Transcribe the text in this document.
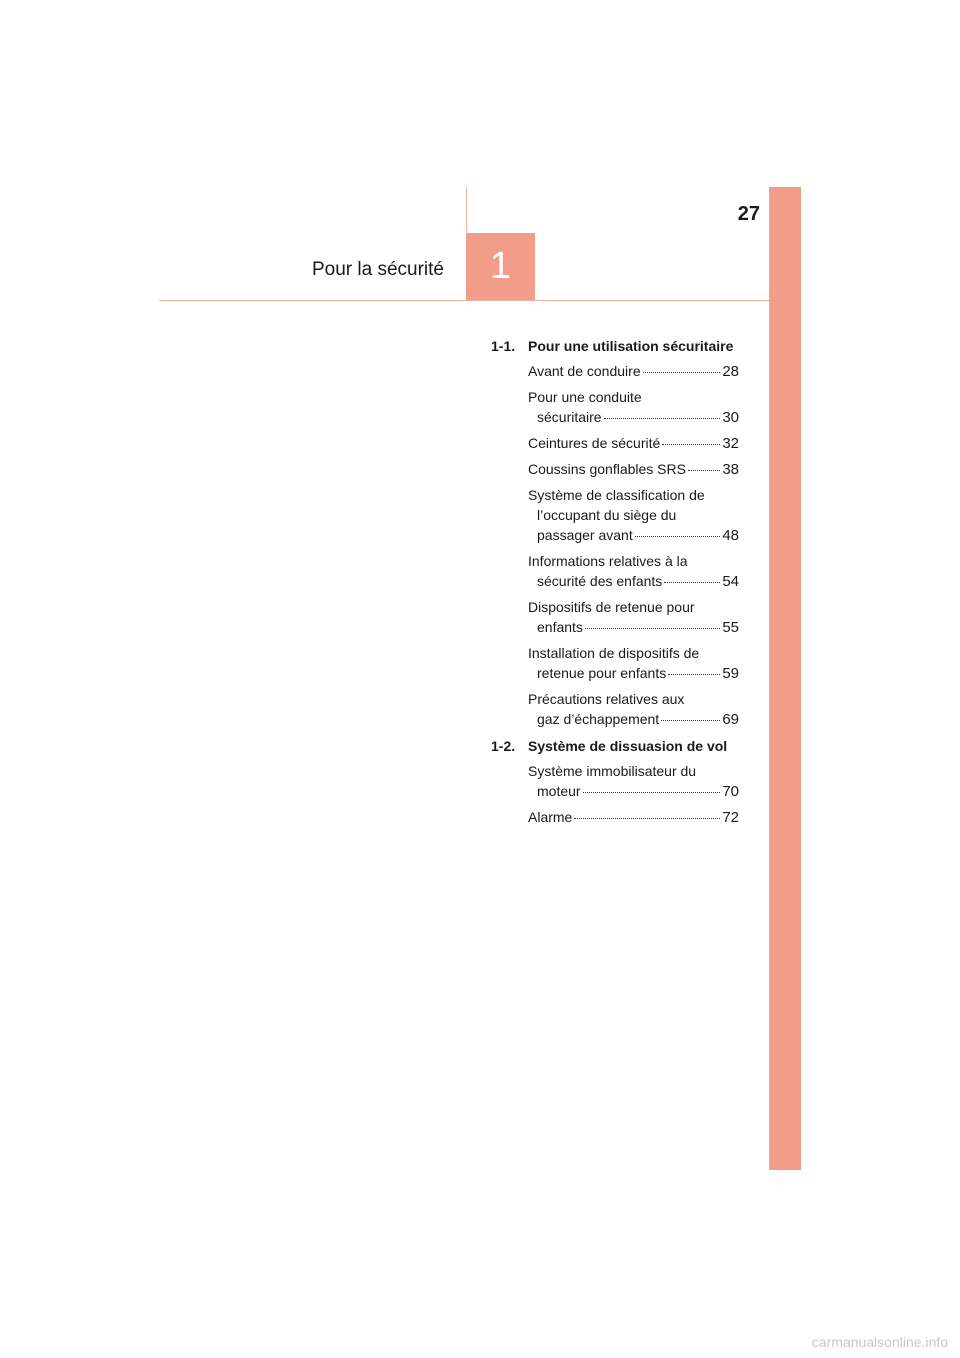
27
Pour la sécurité	1
1-1. Pour une utilisation sécuritaire
Avant de conduire	28
Pour une conduite
sécuritaire	30
Ceintures de sécurité	32
Coussins gonflables SRS 38
Système de classification de
l’occupant du siège du
passager avant	48
Informations relatives à la
sécurité des enfants	54
Dispositifs de retenue pour
enfants	55
Installation de dispositifs de
retenue pour enfants	59
Précautions relatives aux
gaz d’échappement	69
1-2. Système de dissuasion de vol
Système immobilisateur du
moteur	70
Alarme	72
carmanualsonline.info
